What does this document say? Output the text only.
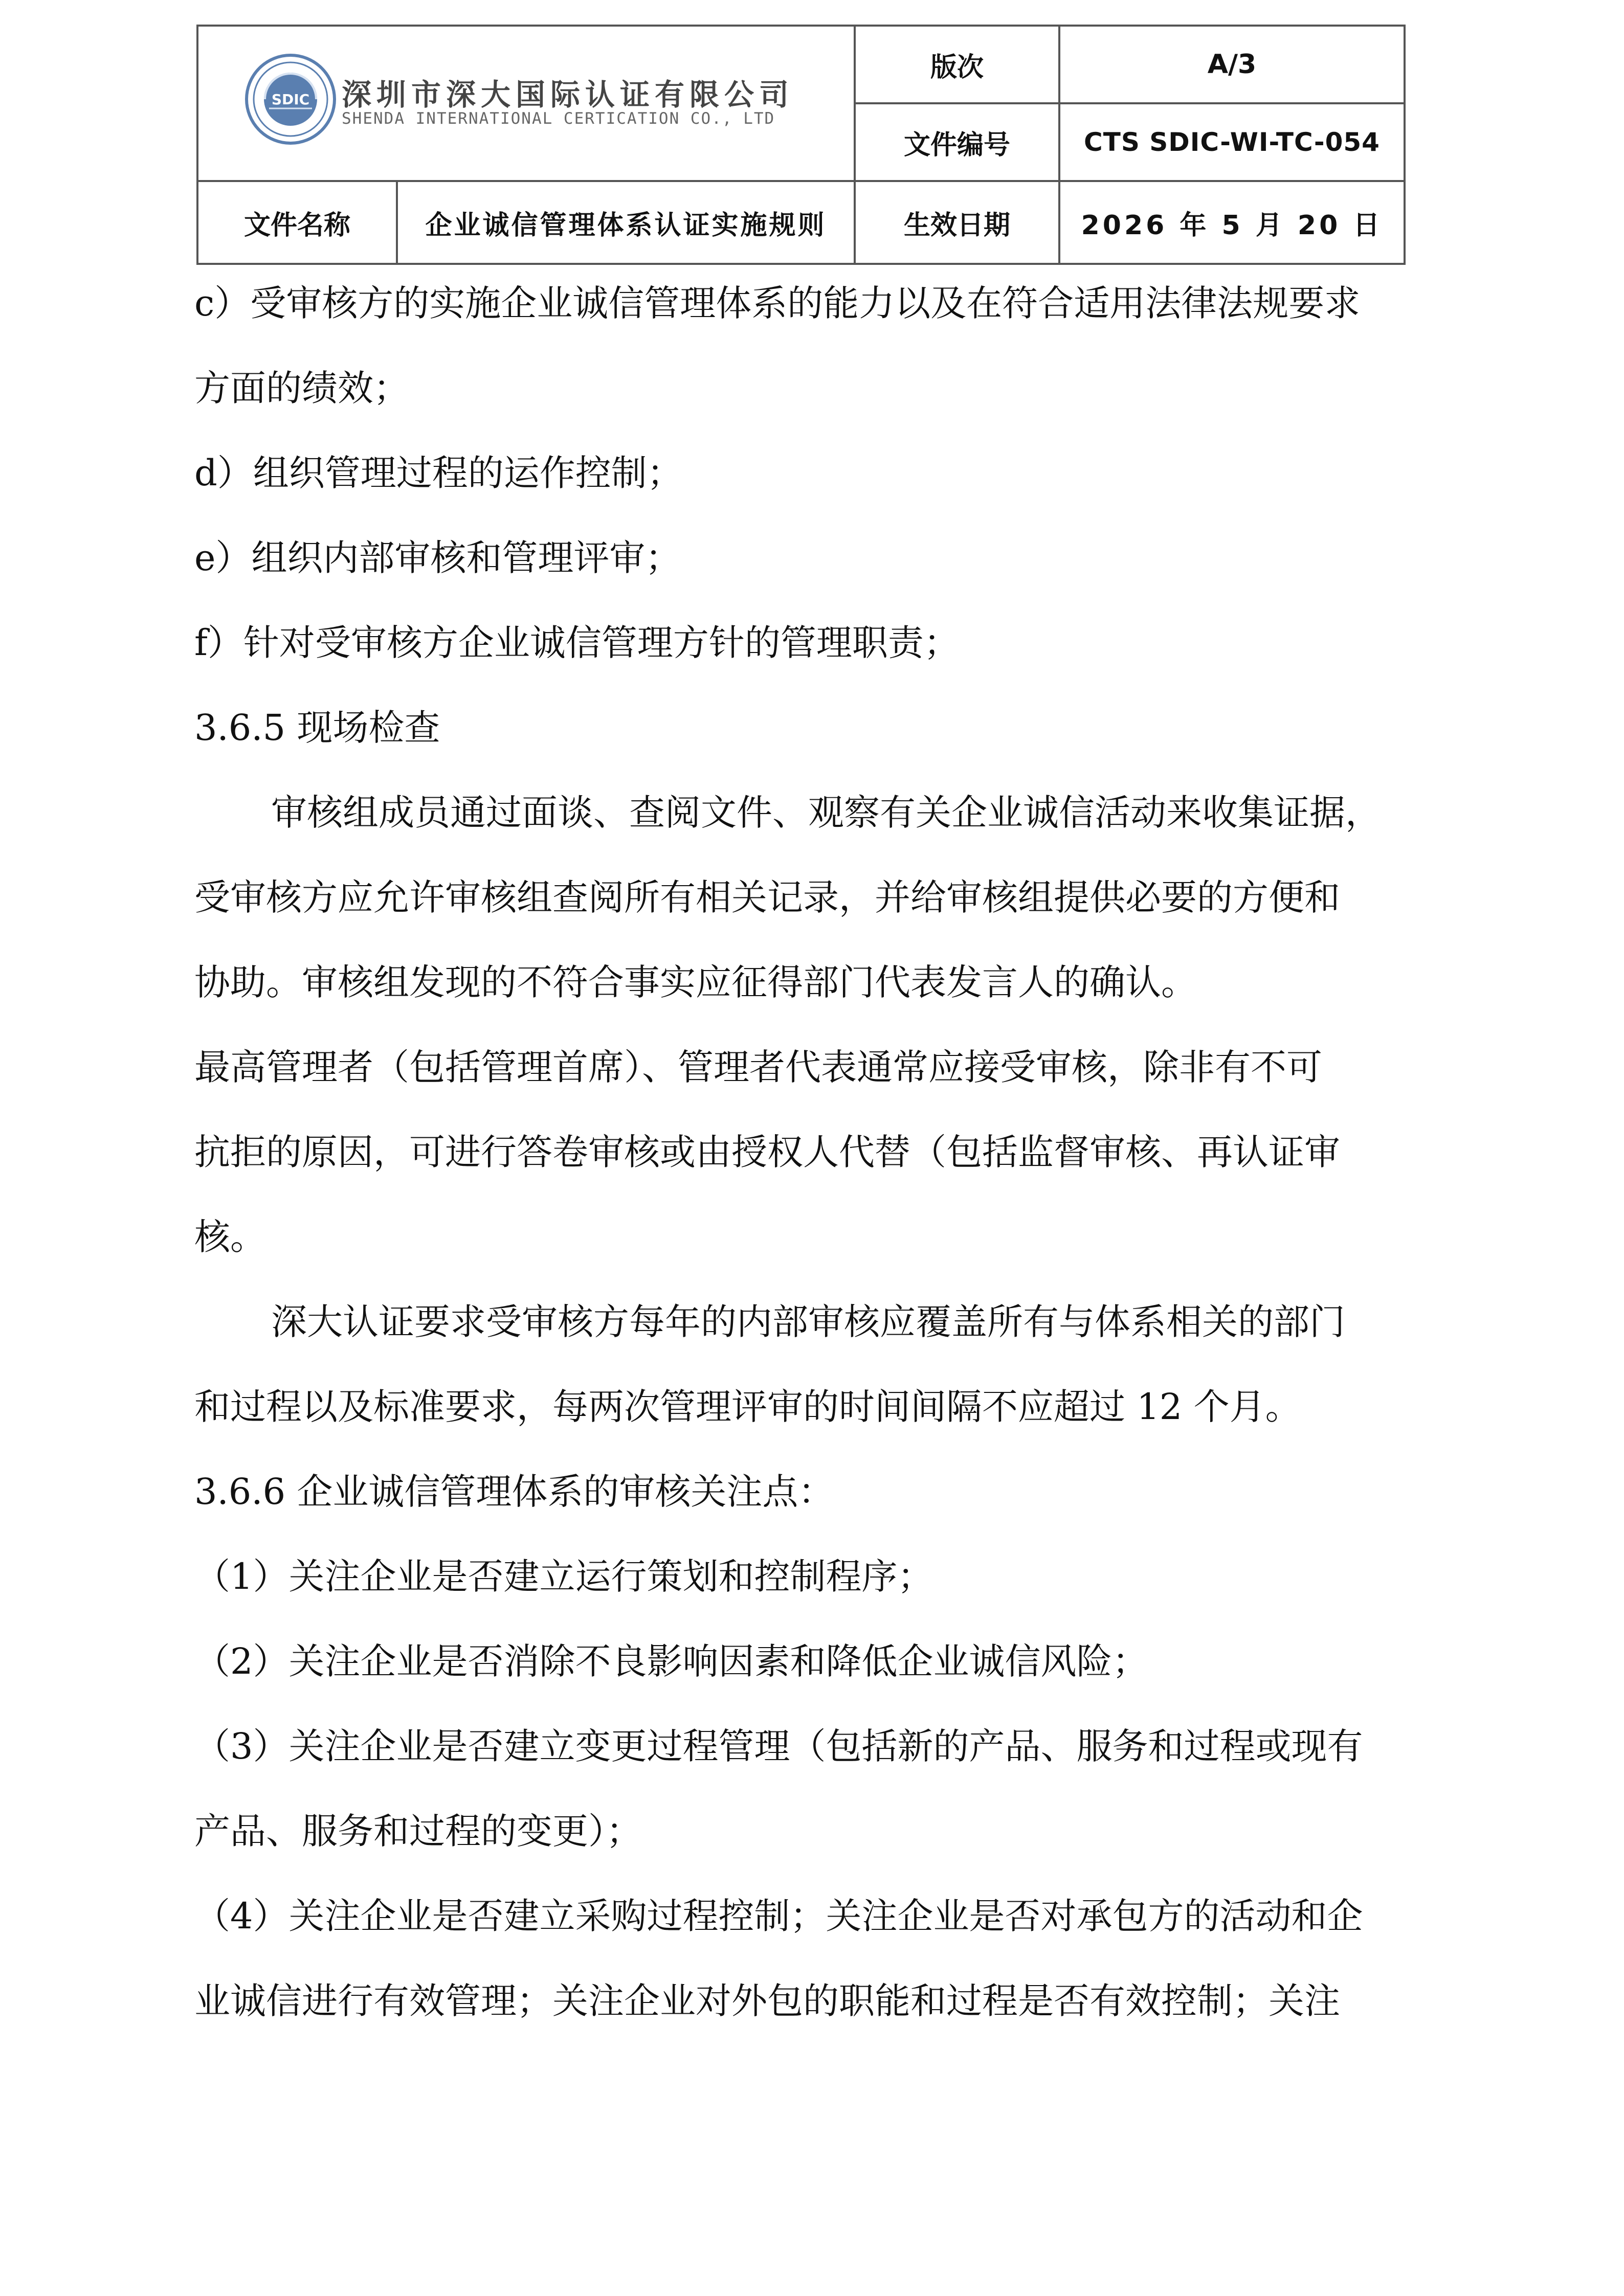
SDIC 深圳市深大国际认证有限公司
SHENDA INTERNATIONAL CERTICATION CO., LTD		版次	A/3
		文件编号	CTS SDIC-WI-TC-054
文件名称	企业诚信管理体系认证实施规则	生效日期	2026 年 5 月 20 日

c）受审核方的实施企业诚信管理体系的能力以及在符合适用法律法规要求

方面的绩效；

d）组织管理过程的运作控制；

e）组织内部审核和管理评审；

f）针对受审核方企业诚信管理方针的管理职责；

3.6.5 现场检查

审核组成员通过面谈、查阅文件、观察有关企业诚信活动来收集证据，

受审核方应允许审核组查阅所有相关记录，并给审核组提供必要的方便和

协助。审核组发现的不符合事实应征得部门代表发言人的确认。

最高管理者（包括管理首席）、管理者代表通常应接受审核，除非有不可

抗拒的原因，可进行答卷审核或由授权人代替（包括监督审核、再认证审

核。

深大认证要求受审核方每年的内部审核应覆盖所有与体系相关的部门

和过程以及标准要求，每两次管理评审的时间间隔不应超过 12 个月。

3.6.6 企业诚信管理体系的审核关注点：

（1）关注企业是否建立运行策划和控制程序；

（2）关注企业是否消除不良影响因素和降低企业诚信风险；

（3）关注企业是否建立变更过程管理（包括新的产品、服务和过程或现有

产品、服务和过程的变更）；

（4）关注企业是否建立采购过程控制；关注企业是否对承包方的活动和企

业诚信进行有效管理；关注企业对外包的职能和过程是否有效控制；关注
